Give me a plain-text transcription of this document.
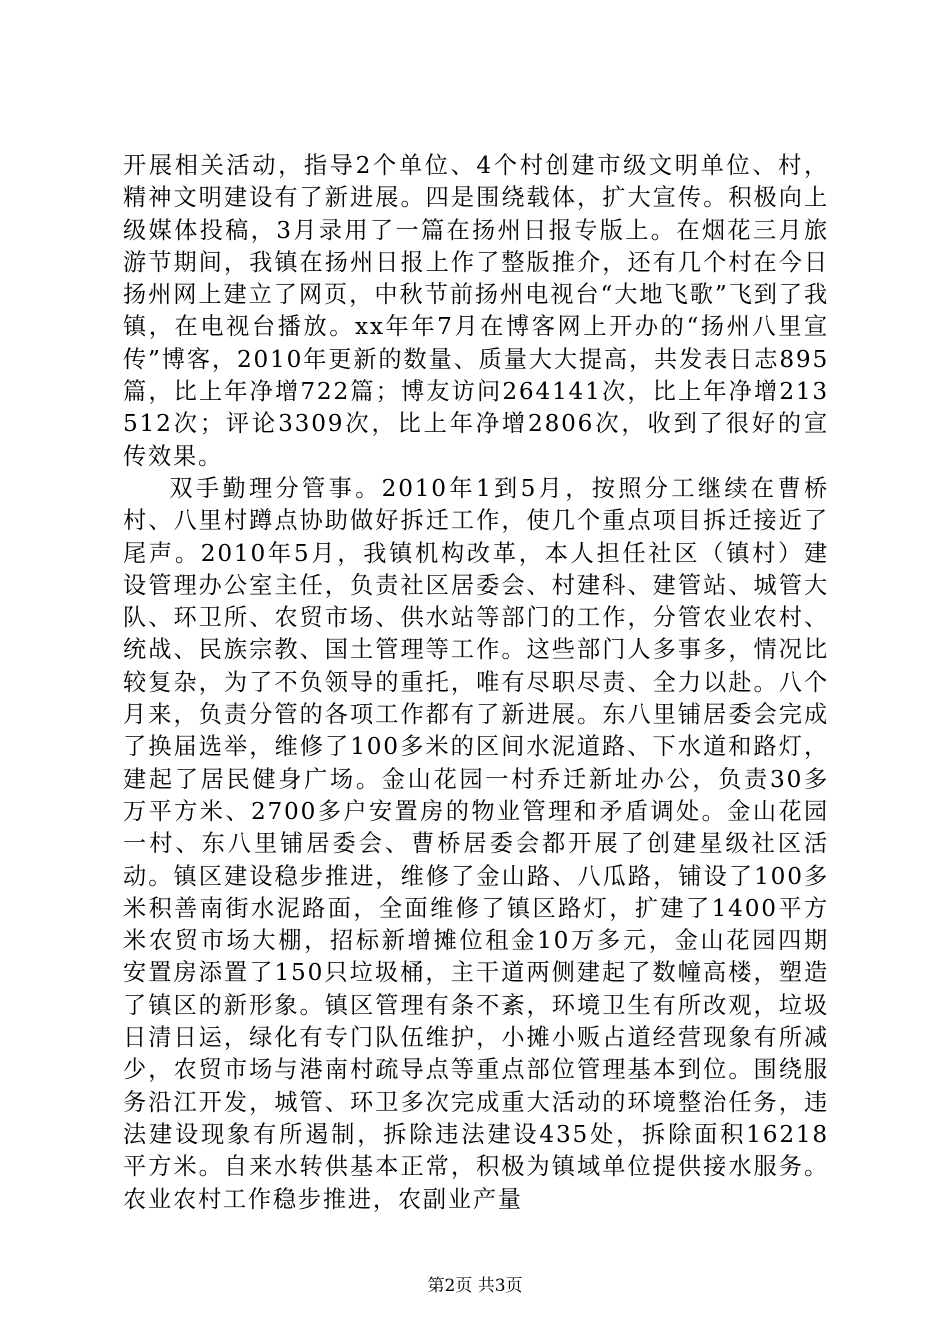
开展相关活动，指导2个单位、4个村创建市级文明单位、村，精神文明建设有了新进展。四是围绕载体，扩大宣传。积极向上级媒体投稿，3月录用了一篇在扬州日报专版上。在烟花三月旅游节期间，我镇在扬州日报上作了整版推介，还有几个村在今日扬州网上建立了网页，中秋节前扬州电视台“大地飞歌”飞到了我镇，在电视台播放。xx年年7月在博客网上开办的“扬州八里宣传”博客，2010年更新的数量、质量大大提高，共发表日志895篇，比上年净增722篇；博友访问264141次，比上年净增213512次；评论3309次，比上年净增2806次，收到了很好的宣传效果。

双手勤理分管事。2010年1到5月，按照分工继续在曹桥村、八里村蹲点协助做好拆迁工作，使几个重点项目拆迁接近了尾声。2010年5月，我镇机构改革，本人担任社区（镇村）建设管理办公室主任，负责社区居委会、村建科、建管站、城管大队、环卫所、农贸市场、供水站等部门的工作，分管农业农村、统战、民族宗教、国土管理等工作。这些部门人多事多，情况比较复杂，为了不负领导的重托，唯有尽职尽责、全力以赴。八个月来，负责分管的各项工作都有了新进展。东八里铺居委会完成了换届选举，维修了100多米的区间水泥道路、下水道和路灯，建起了居民健身广场。金山花园一村乔迁新址办公，负责30多万平方米、2700多户安置房的物业管理和矛盾调处。金山花园一村、东八里铺居委会、曹桥居委会都开展了创建星级社区活动。镇区建设稳步推进，维修了金山路、八瓜路，铺设了100多米积善南街水泥路面，全面维修了镇区路灯，扩建了1400平方米农贸市场大棚，招标新增摊位租金10万多元，金山花园四期安置房添置了150只垃圾桶，主干道两侧建起了数幢高楼，塑造了镇区的新形象。镇区管理有条不紊，环境卫生有所改观，垃圾日清日运，绿化有专门队伍维护，小摊小贩占道经营现象有所减少，农贸市场与港南村疏导点等重点部位管理基本到位。围绕服务沿江开发，城管、环卫多次完成重大活动的环境整治任务，违法建设现象有所遏制，拆除违法建设435处，拆除面积16218平方米。自来水转供基本正常，积极为镇域单位提供接水服务。农业农村工作稳步推进，农副业产量

第2页 共3页
